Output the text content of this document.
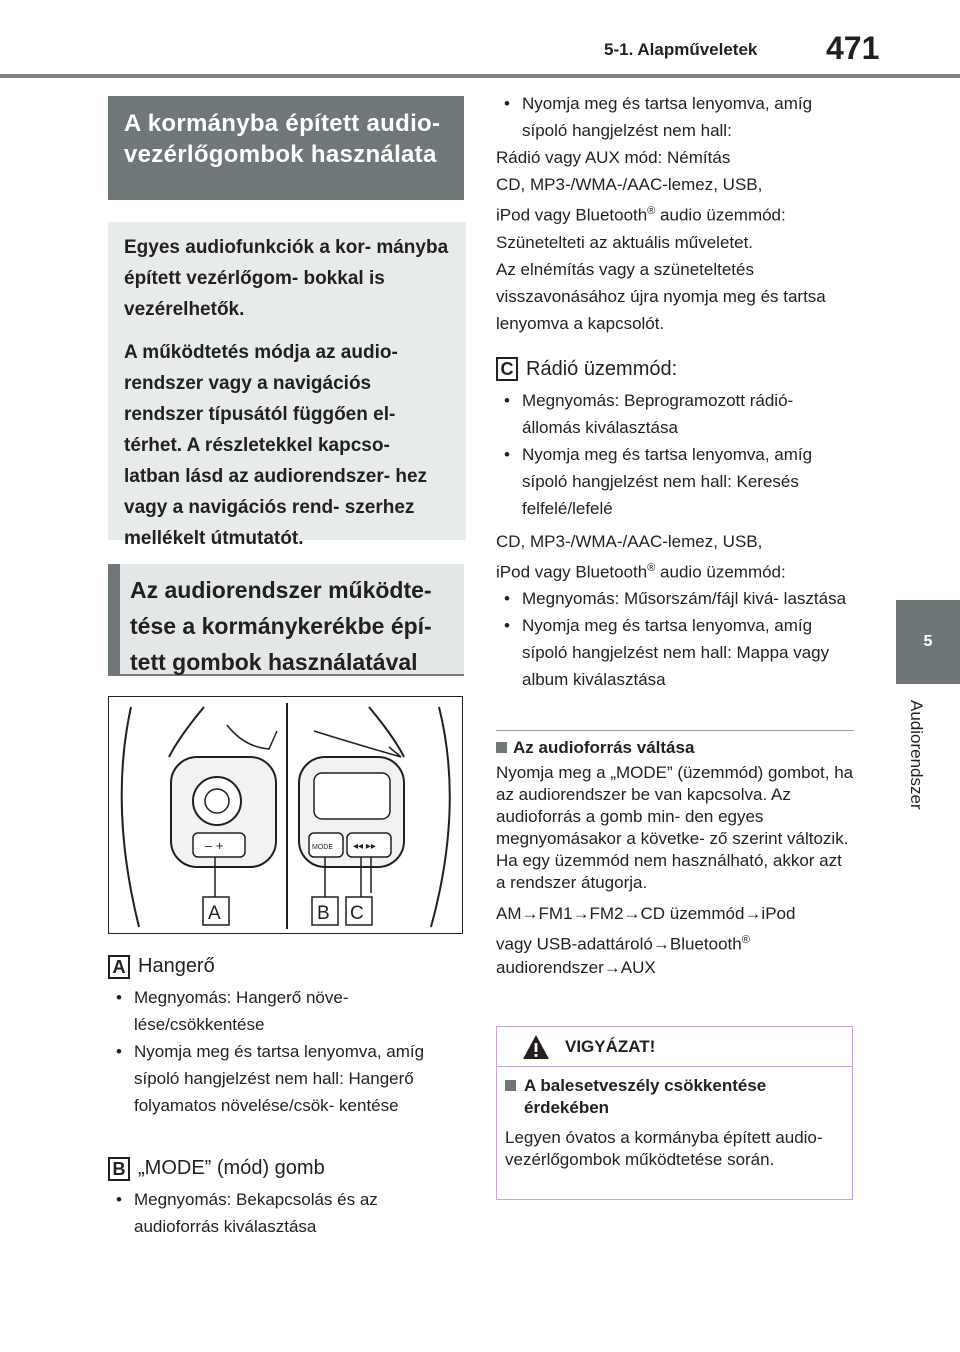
5-1. Alapműveletek 471
5
Audiorendszer
A kormányba épített audio-vezérlőgombok használata

Egyes audiofunkciók a kor- mányba épített vezérlőgom- bokkal is vezérelhetők.

A működtetés módja az audio- rendszer vagy a navigációs rendszer típusától függően el- térhet. A részletekkel kapcso- latban lásd az audiorendszer- hez vagy a navigációs rend- szerhez mellékelt útmutatót.

Az audiorendszer működte- tése a kormánykerékbe épí- tett gombok használatával
– +	MODE ◂◂ ▸▸
A	B C
A Hangerő
• Megnyomás: Hangerő növe- lése/csökkentése
• Nyomja meg és tartsa lenyomva, amíg sípoló hangjelzést nem hall: Hangerő folyamatos növelése/csök- kentése
B „MODE” (mód) gomb
• Megnyomás: Bekapcsolás és az audioforrás kiválasztása
• Nyomja meg és tartsa lenyomva, amíg sípoló hangjelzést nem hall:
Rádió vagy AUX mód: Némítás
CD, MP3-/WMA-/AAC-lemez, USB,
iPod vagy Bluetooth® audio üzemmód:
Szünetelteti az aktuális műveletet.
Az elnémítás vagy a szüneteltetés visszavonásához újra nyomja meg és tartsa lenyomva a kapcsolót.
C Rádió üzemmód:
• Megnyomás: Beprogramozott rádió- állomás kiválasztása
• Nyomja meg és tartsa lenyomva, amíg sípoló hangjelzést nem hall: Keresés felfelé/lefelé
CD, MP3-/WMA-/AAC-lemez, USB,
iPod vagy Bluetooth® audio üzemmód:
• Megnyomás: Műsorszám/fájl kivá- lasztása
• Nyomja meg és tartsa lenyomva, amíg sípoló hangjelzést nem hall: Mappa vagy album kiválasztása
Az audioforrás váltása
Nyomja meg a „MODE” (üzemmód) gombot, ha az audiorendszer be van kapcsolva. Az audioforrás a gomb min- den egyes megnyomásakor a követke- ző szerint változik. Ha egy üzemmód nem használható, akkor azt a rendszer átugorja.
AM→FM1→FM2→CD üzemmód→iPod
vagy USB-adattároló→Bluetooth®
audiorendszer→AUX
VIGYÁZAT!
A balesetveszély csökkentése érdekében
Legyen óvatos a kormányba épített audio-vezérlőgombok működtetése során.
